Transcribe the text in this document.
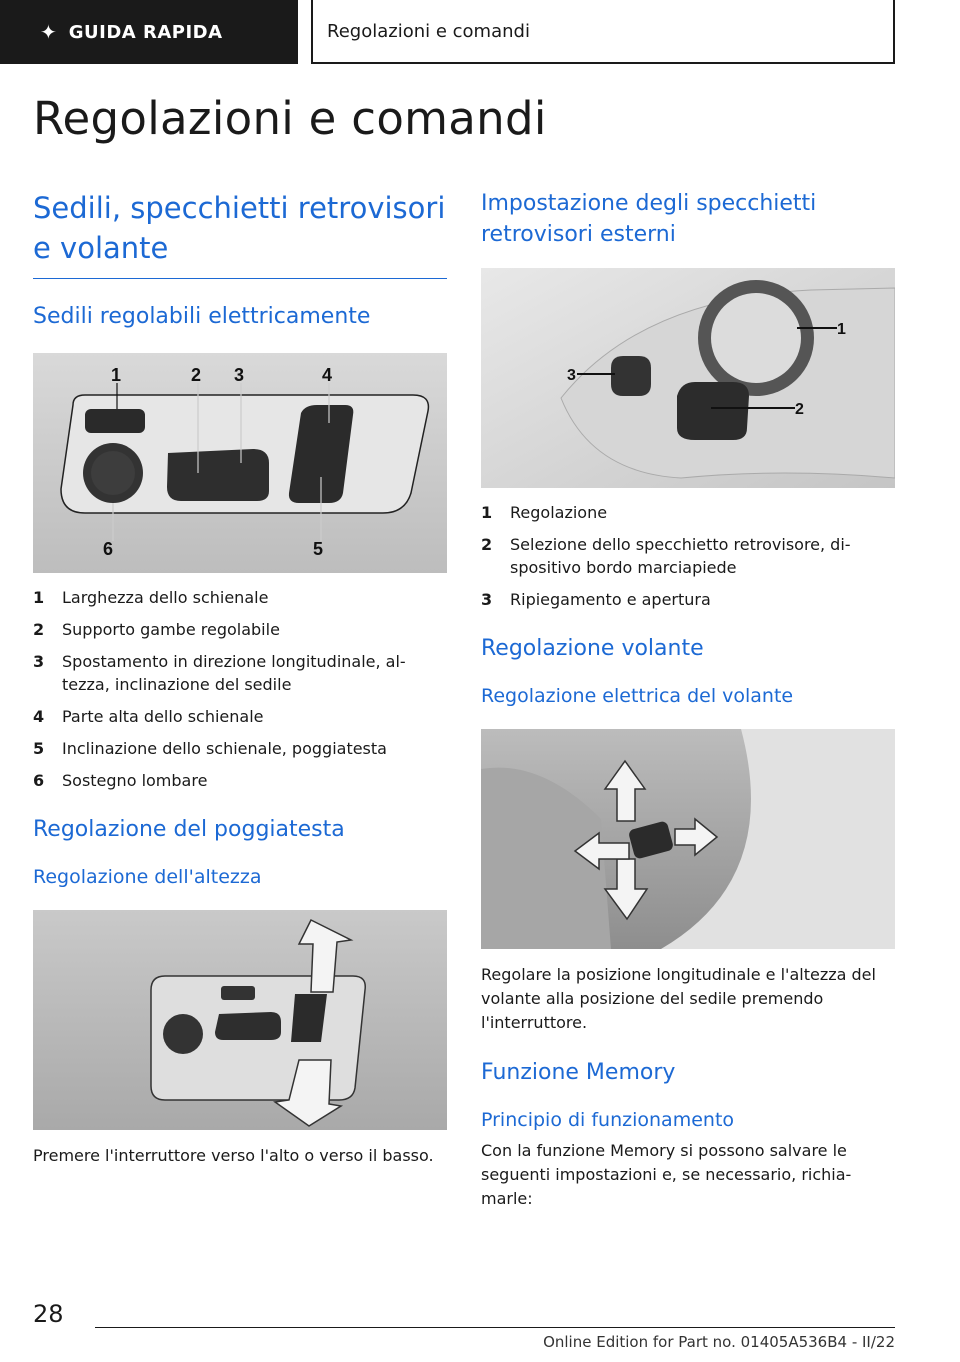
✦ GUIDA RAPIDA	Regolazioni e comandi
Regolazioni e comandi
Sedili, specchietti retrovisori e volante
Sedili regolabili elettricamente
1	2 3	4
6	5
1	Larghezza dello schienale
2	Supporto gambe regolabile
3	Spostamento in direzione longitudinale, al-tezza, inclinazione del sedile
4	Parte alta dello schienale
5	Inclinazione dello schienale, poggiatesta
6	Sostegno lombare
Regolazione del poggiatesta
Regolazione dell'altezza

Premere l'interruttore verso l'alto o verso il basso.

Impostazione degli specchietti retrovisori esterni
1
2
3
1	Regolazione
2	Selezione dello specchietto retrovisore, di-spositivo bordo marciapiede
3	Ripiegamento e apertura
Regolazione volante
Regolazione elettrica del volante

Regolare la posizione longitudinale e l'altezza del volante alla posizione del sedile premendo l'interruttore.

Funzione Memory
Principio di funzionamento

Con la funzione Memory si possono salvare le seguenti impostazioni e, se necessario, richia-marle:

28
Online Edition for Part no. 01405A536B4 - II/22
